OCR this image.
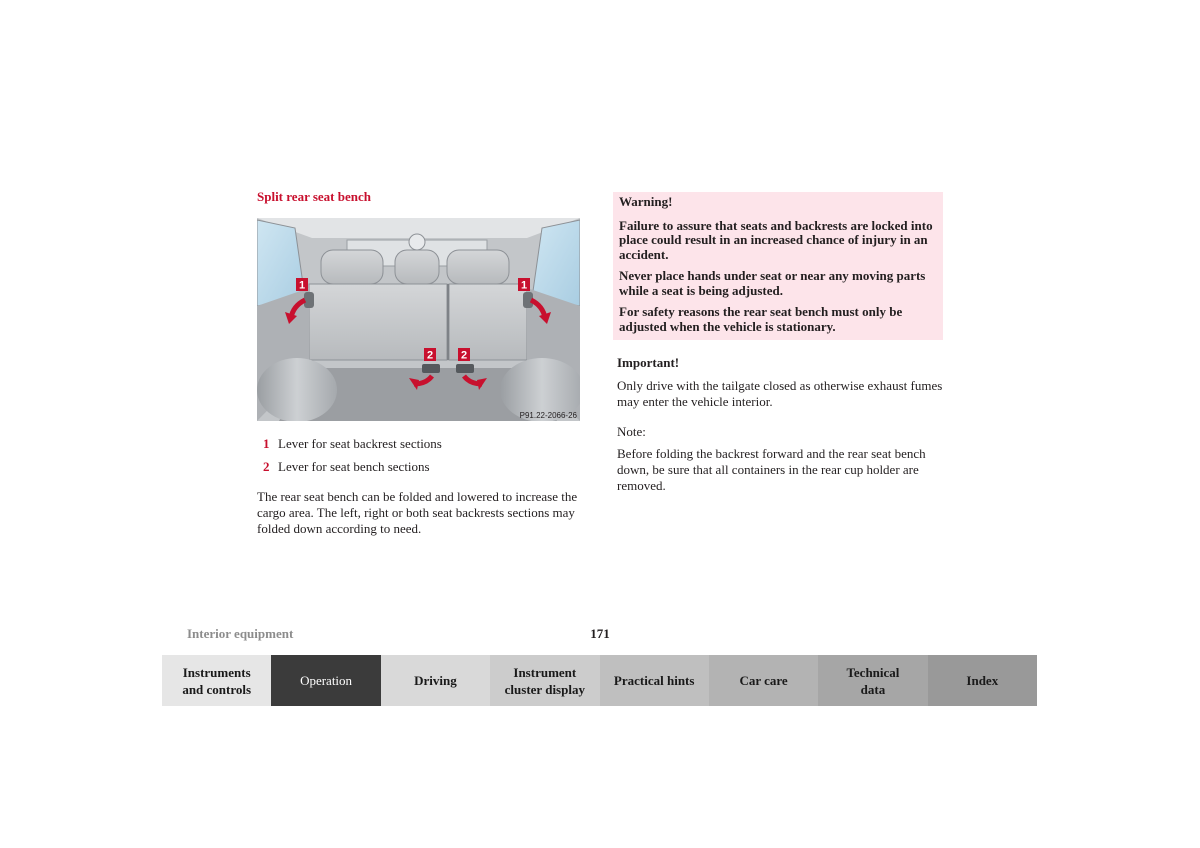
Split rear seat bench
1	1
2	2
P91.22-2066-26
1 Lever for seat backrest sections
2 Lever for seat bench sections
The rear seat bench can be folded and lowered to increase the cargo area. The left, right or both seat backrests sections may folded down according to need.

Warning!

Failure to assure that seats and backrests are locked into place could result in an increased chance of injury in an accident.

Never place hands under seat or near any moving parts while a seat is being adjusted.

For safety reasons the rear seat bench must only be adjusted when the vehicle is stationary.

Important!

Only drive with the tailgate closed as otherwise exhaust fumes may enter the vehicle interior.

Note:

Before folding the backrest forward and the rear seat bench down, be sure that all containers in the rear cup holder are removed.

Interior equipment	171
Instruments
and controls
Operation	Driving
Instrument
cluster display
Practical hints	Car care
Technical
data
Index
